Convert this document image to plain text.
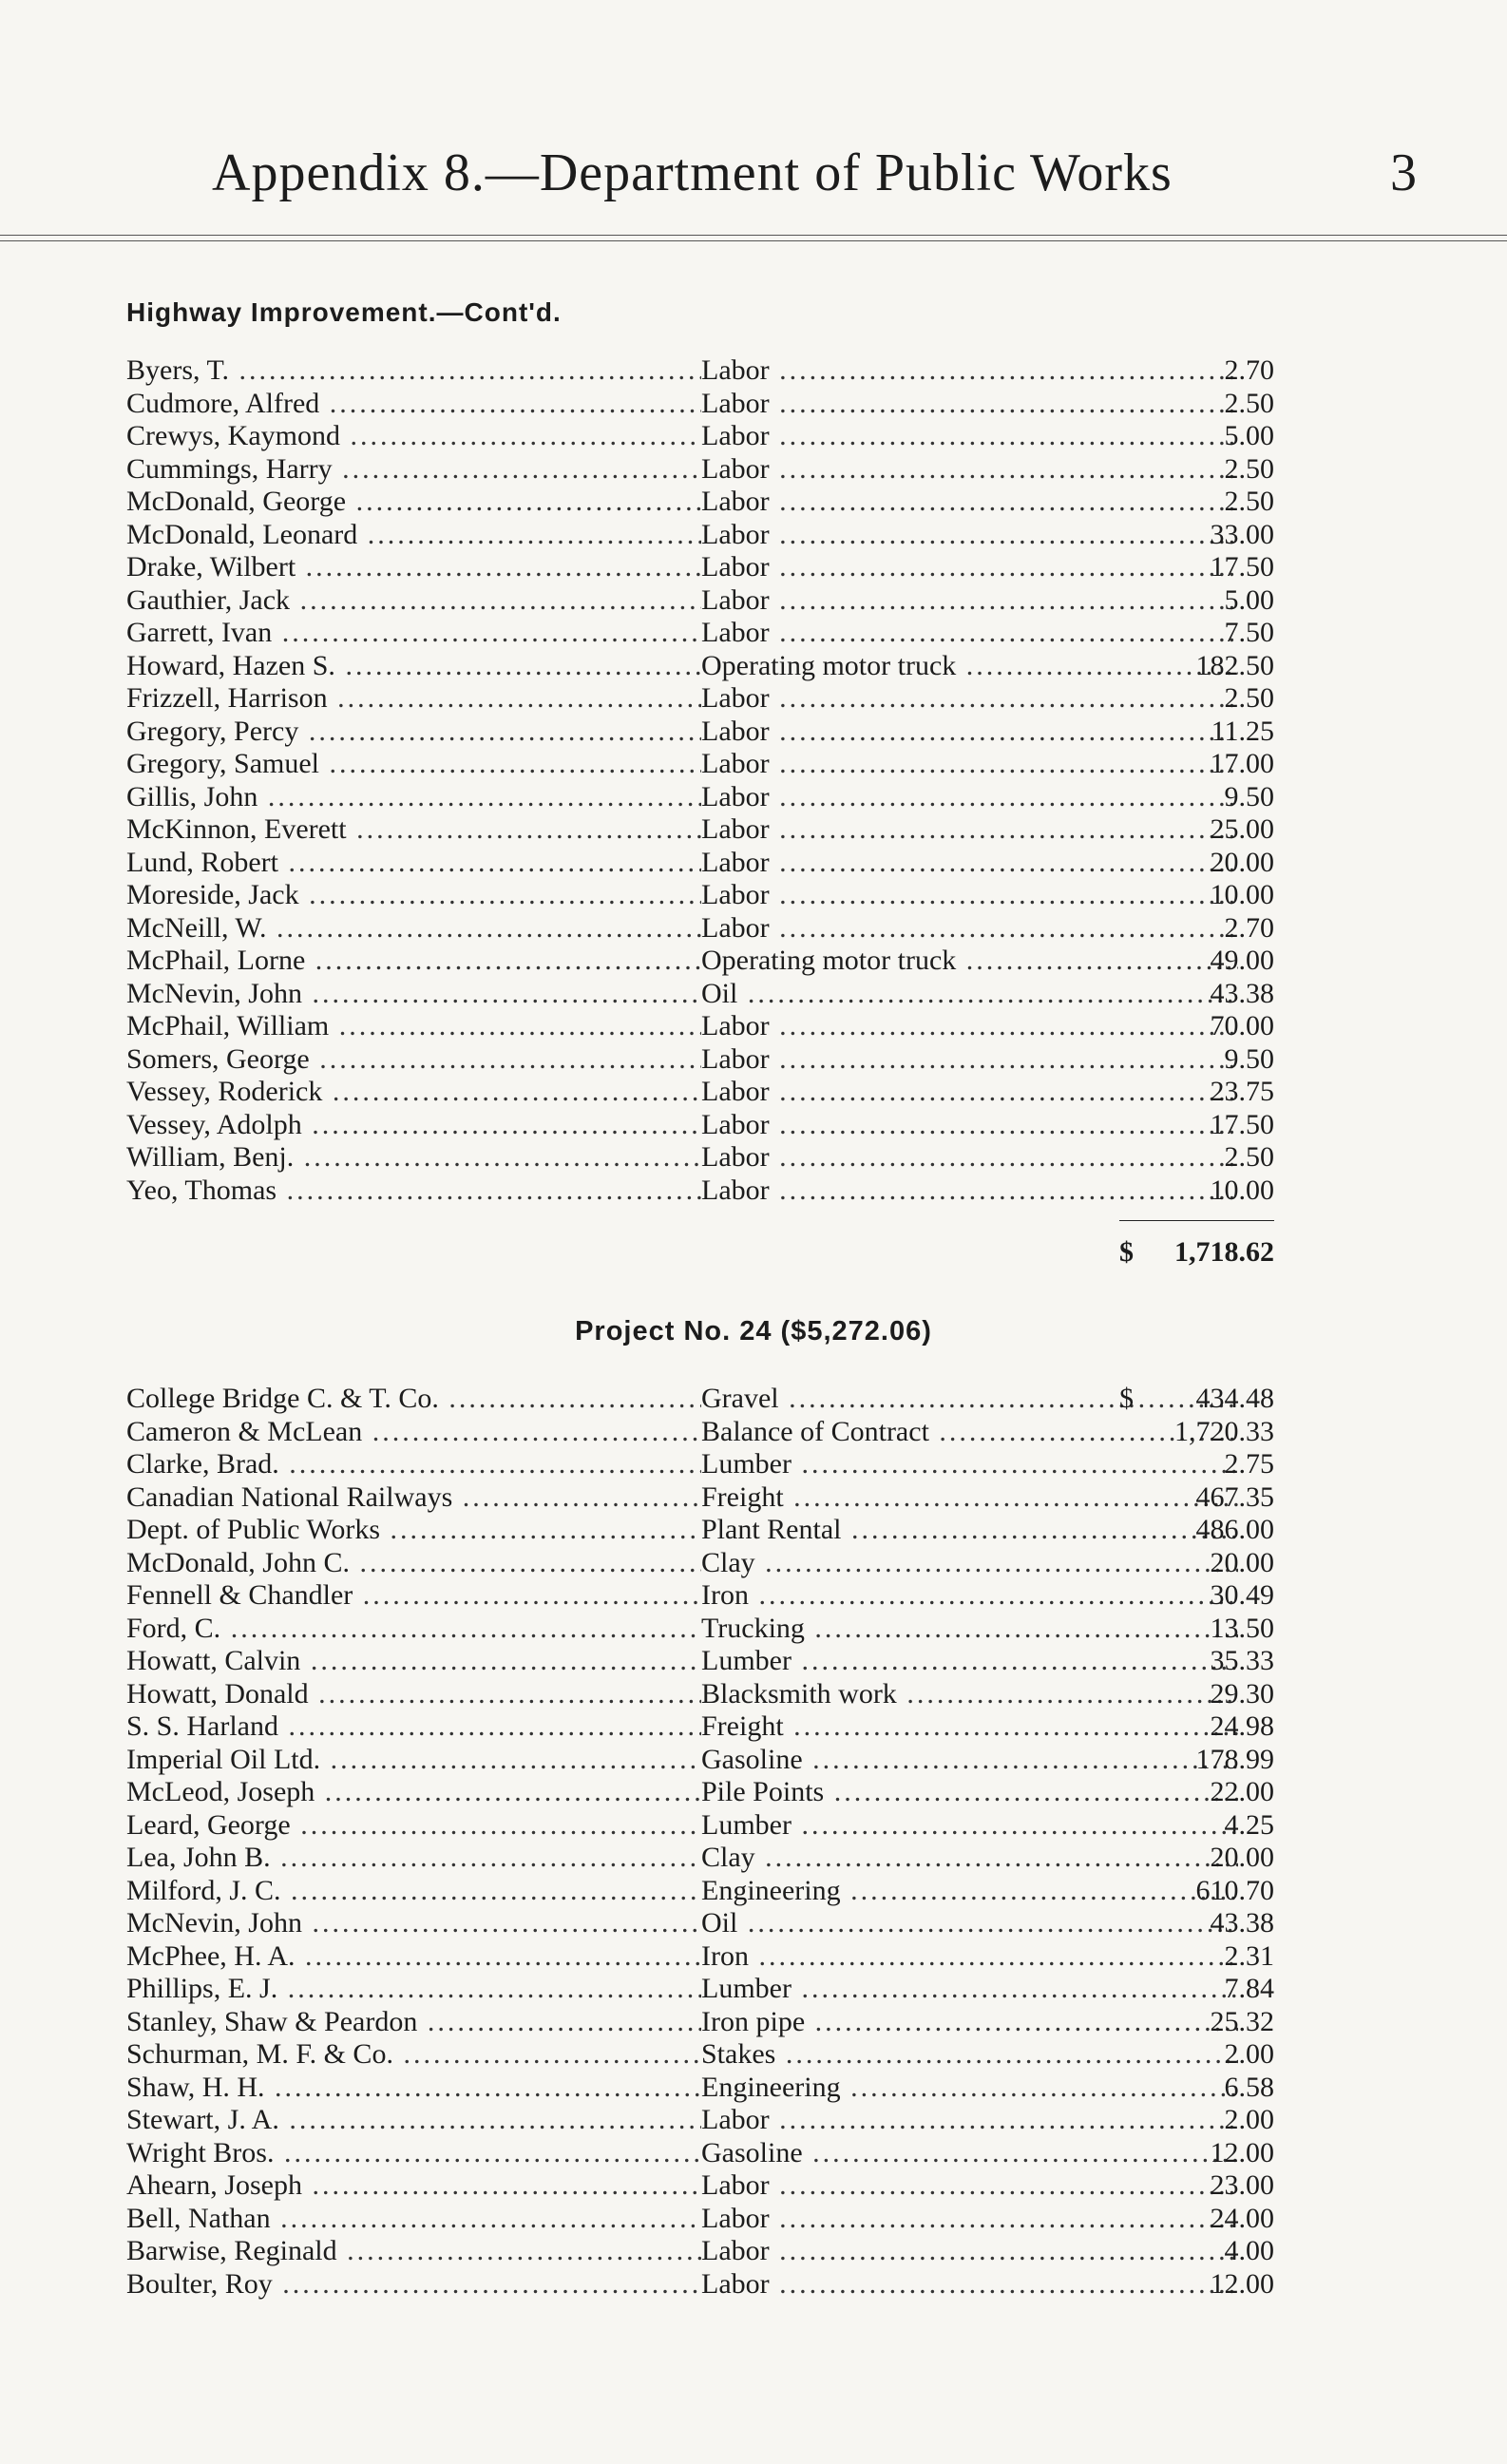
Appendix 8.—Department of Public Works	3
Highway Improvement.—Cont'd.
Byers, T. .....	Labor .....	2.70
Cudmore, Alfred .....	Labor .....	2.50
Crewys, Kaymond .....	Labor .....	5.00
Cummings, Harry .....	Labor .....	2.50
McDonald, George .....	Labor .....	2.50
McDonald, Leonard .....	Labor .....	33.00
Drake, Wilbert .....	Labor .....	17.50
Gauthier, Jack .....	Labor .....	5.00
Garrett, Ivan .....	Labor .....	7.50
Howard, Hazen S. .....	Operating motor truck .....	182.50
Frizzell, Harrison .....	Labor .....	2.50
Gregory, Percy .....	Labor .....	11.25
Gregory, Samuel .....	Labor .....	17.00
Gillis, John .....	Labor .....	9.50
McKinnon, Everett .....	Labor .....	25.00
Lund, Robert .....	Labor .....	20.00
Moreside, Jack .....	Labor .....	10.00
McNeill, W. .....	Labor .....	2.70
McPhail, Lorne .....	Operating motor truck .....	49.00
McNevin, John .....	Oil .....	43.38
McPhail, William .....	Labor .....	70.00
Somers, George .....	Labor .....	9.50
Vessey, Roderick .....	Labor .....	23.75
Vessey, Adolph .....	Labor .....	17.50
William, Benj. .....	Labor .....	2.50
Yeo, Thomas .....	Labor .....	10.00
$ 1,718.62
Project No. 24 ($5,272.06)
College Bridge C. & T. Co. .....	Gravel .....	$ 434.48
Cameron & McLean .....	Balance of Contract .....	1,720.33
Clarke, Brad. .....	Lumber .....	2.75
Canadian National Railways .....	Freight .....	467.35
Dept. of Public Works .....	Plant Rental .....	486.00
McDonald, John C. .....	Clay .....	20.00
Fennell & Chandler .....	Iron .....	30.49
Ford, C. .....	Trucking .....	13.50
Howatt, Calvin .....	Lumber .....	35.33
Howatt, Donald .....	Blacksmith work .....	29.30
S. S. Harland .....	Freight .....	24.98
Imperial Oil Ltd. .....	Gasoline .....	178.99
McLeod, Joseph .....	Pile Points .....	22.00
Leard, George .....	Lumber .....	4.25
Lea, John B. .....	Clay .....	20.00
Milford, J. C. .....	Engineering .....	610.70
McNevin, John .....	Oil .....	43.38
McPhee, H. A. .....	Iron .....	2.31
Phillips, E. J. .....	Lumber .....	7.84
Stanley, Shaw & Peardon .....	Iron pipe .....	25.32
Schurman, M. F. & Co. .....	Stakes .....	2.00
Shaw, H. H. .....	Engineering .....	6.58
Stewart, J. A. .....	Labor .....	2.00
Wright Bros. .....	Gasoline .....	12.00
Ahearn, Joseph .....	Labor .....	23.00
Bell, Nathan .....	Labor .....	24.00
Barwise, Reginald .....	Labor .....	4.00
Boulter, Roy .....	Labor .....	12.00
